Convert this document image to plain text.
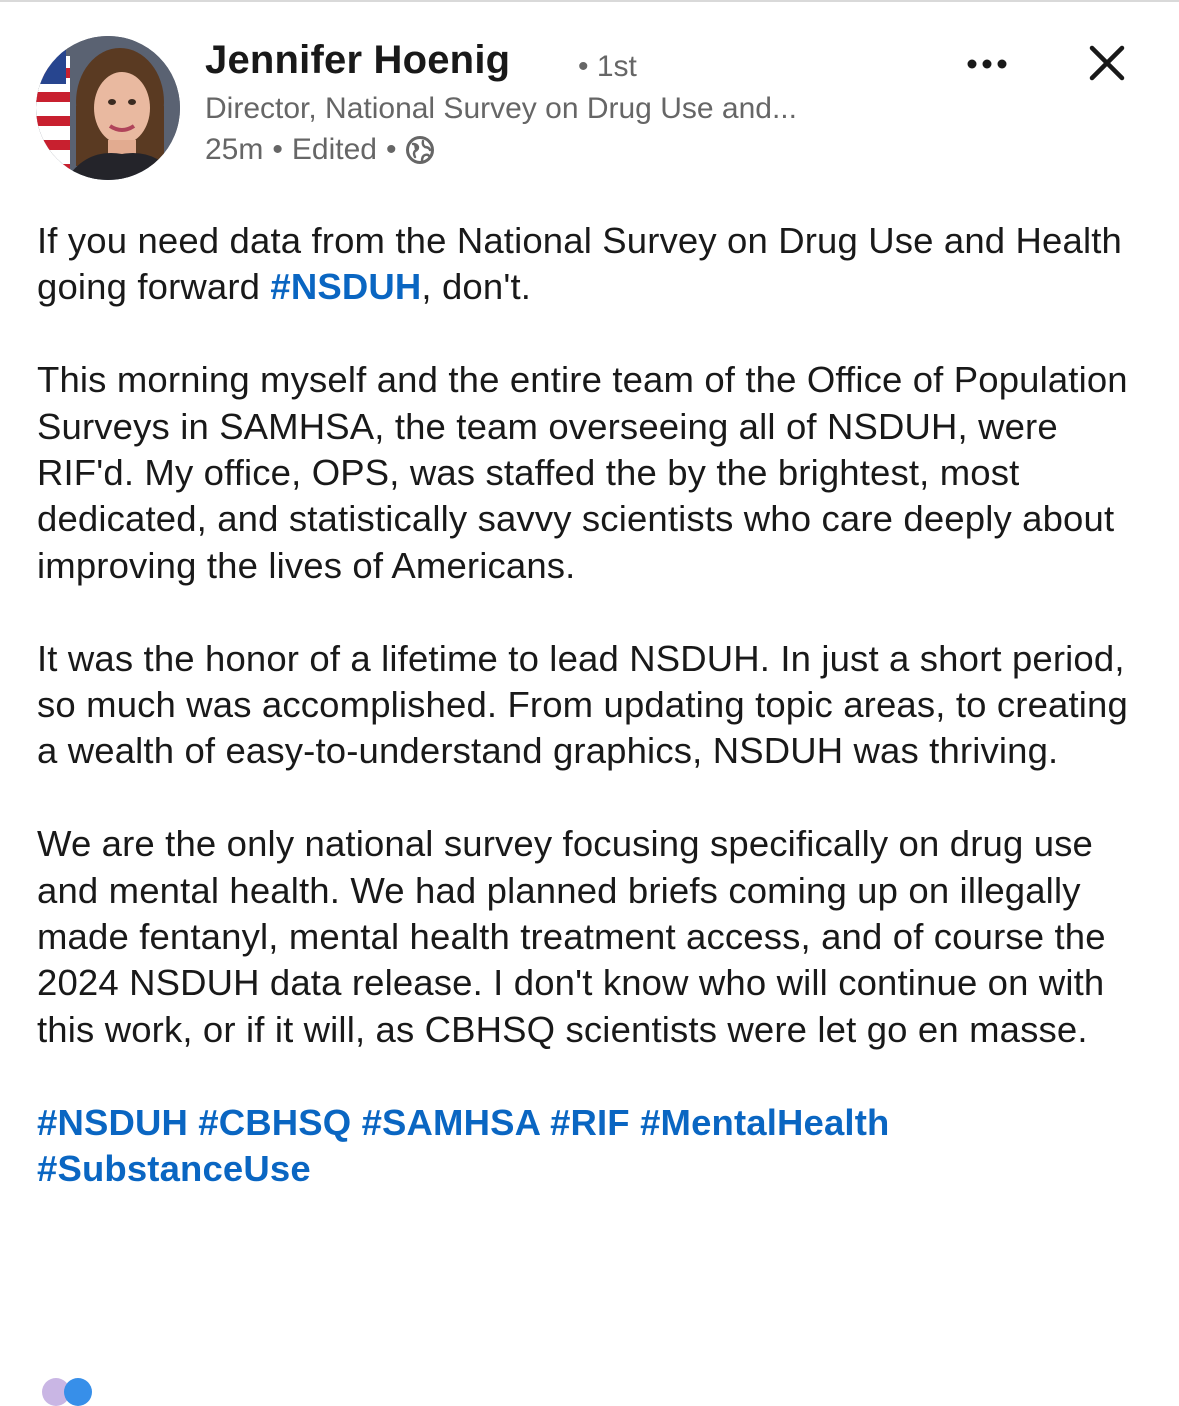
Jennifer Hoenig • 1st
Director, National Survey on Drug Use and...
25m • Edited •

If you need data from the National Survey on Drug Use and Health going forward #NSDUH, don't.

This morning myself and the entire team of the Office of Population Surveys in SAMHSA, the team overseeing all of NSDUH, were RIF'd. My office, OPS, was staffed the by the brightest, most dedicated, and statistically savvy scientists who care deeply about improving the lives of Americans.

It was the honor of a lifetime to lead NSDUH. In just a short period, so much was accomplished. From updating topic areas, to creating a wealth of easy-to-understand graphics, NSDUH was thriving.

We are the only national survey focusing specifically on drug use and mental health. We had planned briefs coming up on illegally made fentanyl, mental health treatment access, and of course the 2024 NSDUH data release. I don't know who will continue on with this work, or if it will, as CBHSQ scientists were let go en masse.

#NSDUH #CBHSQ #SAMHSA #RIF #MentalHealth #SubstanceUse
